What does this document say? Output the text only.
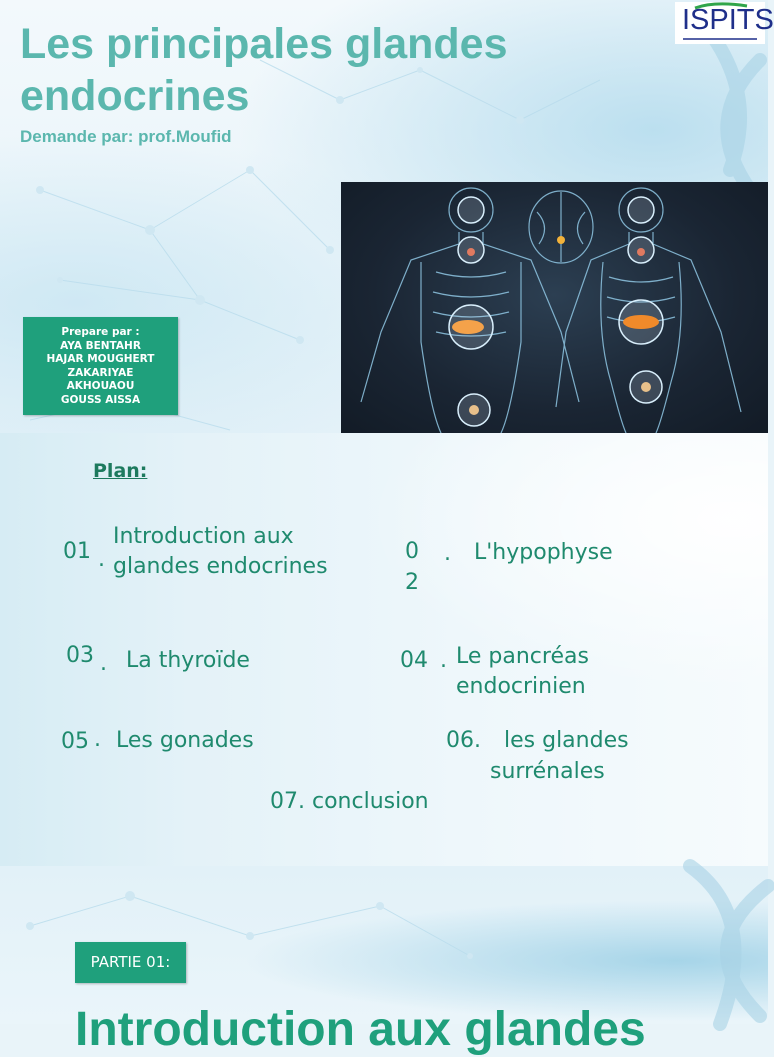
Les principales glandes
endocrines
Demande par: prof.Moufid
ISPITS
Prepare par :
AYA BENTAHR
HAJAR MOUGHERT
ZAKARIYAE
AKHOUAOU
GOUSS AISSA
Plan:
01 .
Introduction aux
glandes endocrines
0
2
. L'hypophyse
03 . La thyroïde	04 . Le pancréas
endocrinien
05 . Les gonades	06. les glandes
surrénales
07. conclusion
PARTIE 01:
Introduction aux glandes
